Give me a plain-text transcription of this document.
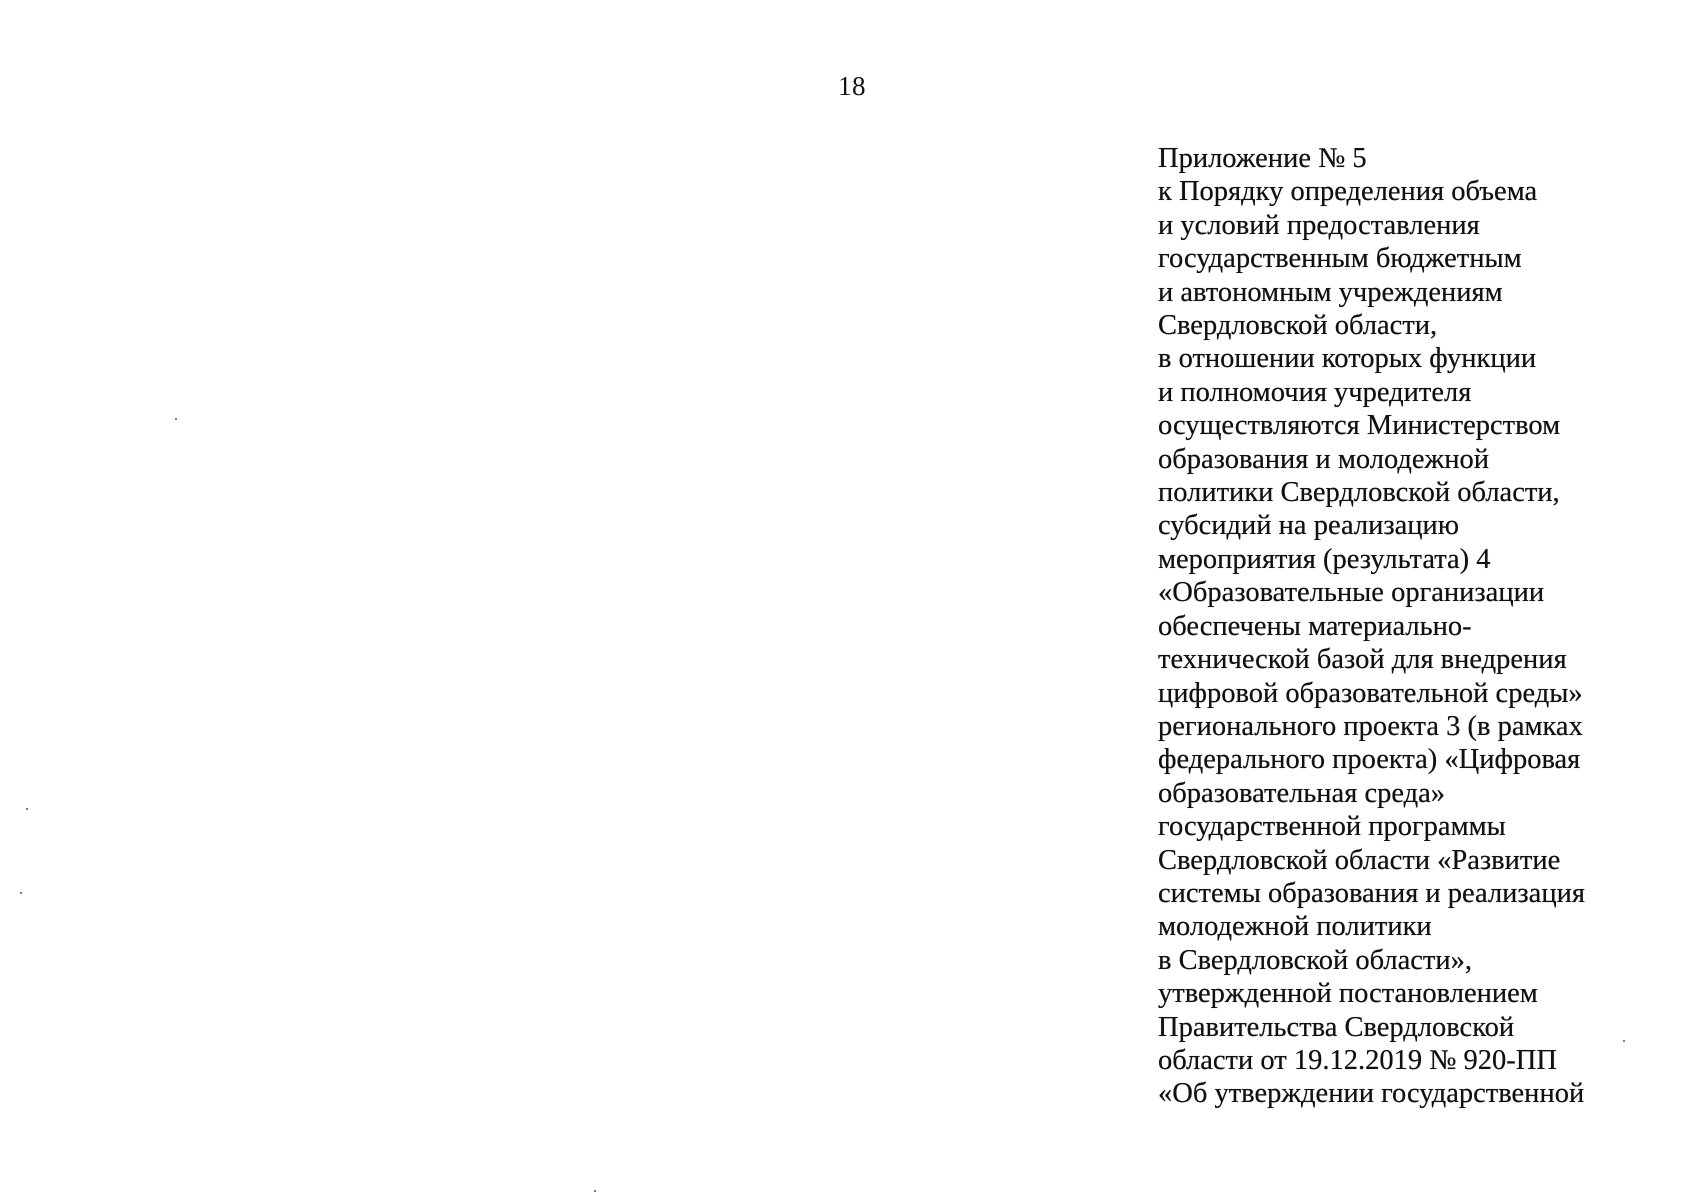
18
Приложение № 5
к Порядку определения объема
и условий предоставления
государственным бюджетным
и автономным учреждениям
Свердловской области,
в отношении которых функции
и полномочия учредителя
осуществляются Министерством
образования и молодежной
политики Свердловской области,
субсидий на реализацию
мероприятия (результата) 4
«Образовательные организации
обеспечены материально-
технической базой для внедрения
цифровой образовательной среды»
регионального проекта 3 (в рамках
федерального проекта) «Цифровая
образовательная среда»
государственной программы
Свердловской области «Развитие
системы образования и реализация
молодежной политики
в Свердловской области»,
утвержденной постановлением
Правительства Свердловской
области от 19.12.2019 № 920-ПП
«Об утверждении государственной
